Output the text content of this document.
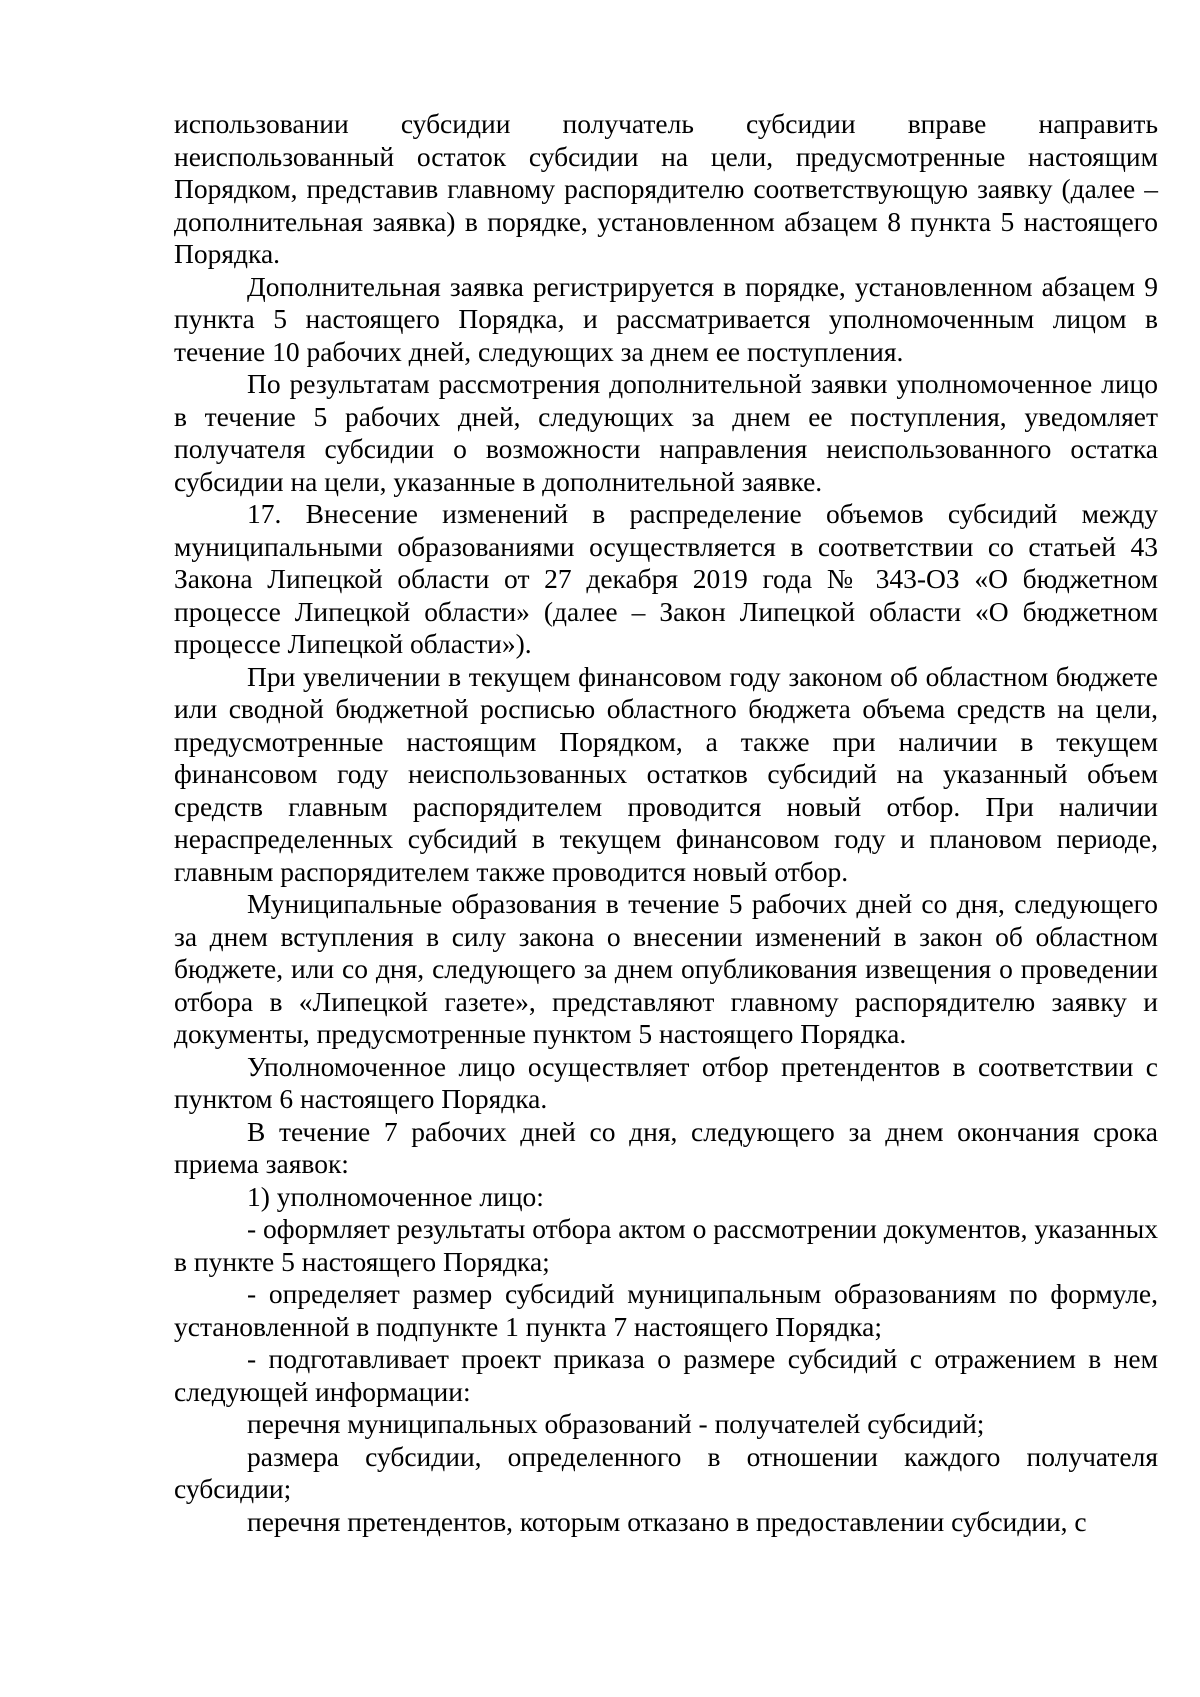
использовании субсидии получатель субсидии вправе направить неиспользованный остаток субсидии на цели, предусмотренные настоящим Порядком, представив главному распорядителю соответствующую заявку (далее – дополнительная заявка) в порядке, установленном абзацем 8 пункта 5 настоящего Порядка.

Дополнительная заявка регистрируется в порядке, установленном абзацем 9 пункта 5 настоящего Порядка, и рассматривается уполномоченным лицом в течение 10 рабочих дней, следующих за днем ее поступления.

По результатам рассмотрения дополнительной заявки уполномоченное лицо в течение 5 рабочих дней, следующих за днем ее поступления, уведомляет получателя субсидии о возможности направления неиспользованного остатка субсидии на цели, указанные в дополнительной заявке.

17. Внесение изменений в распределение объемов субсидий между муниципальными образованиями осуществляется в соответствии со статьей 43 Закона Липецкой области от 27 декабря 2019 года № 343-ОЗ «О бюджетном процессе Липецкой области» (далее – Закон Липецкой области «О бюджетном процессе Липецкой области»).

При увеличении в текущем финансовом году законом об областном бюджете или сводной бюджетной росписью областного бюджета объема средств на цели, предусмотренные настоящим Порядком, а также при наличии в текущем финансовом году неиспользованных остатков субсидий на указанный объем средств главным распорядителем проводится новый отбор. При наличии нераспределенных субсидий в текущем финансовом году и плановом периоде, главным распорядителем также проводится новый отбор.

Муниципальные образования в течение 5 рабочих дней со дня, следующего за днем вступления в силу закона о внесении изменений в закон об областном бюджете, или со дня, следующего за днем опубликования извещения о проведении отбора в «Липецкой газете», представляют главному распорядителю заявку и документы, предусмотренные пунктом 5 настоящего Порядка.

Уполномоченное лицо осуществляет отбор претендентов в соответствии с пунктом 6 настоящего Порядка.

В течение 7 рабочих дней со дня, следующего за днем окончания срока приема заявок:

1) уполномоченное лицо:

- оформляет результаты отбора актом о рассмотрении документов, указанных в пункте 5 настоящего Порядка;

- определяет размер субсидий муниципальным образованиям по формуле, установленной в подпункте 1 пункта 7 настоящего Порядка;

- подготавливает проект приказа о размере субсидий с отражением в нем следующей информации:

перечня муниципальных образований - получателей субсидий;

размера субсидии, определенного в отношении каждого получателя субсидии;

перечня претендентов, которым отказано в предоставлении субсидии, с
